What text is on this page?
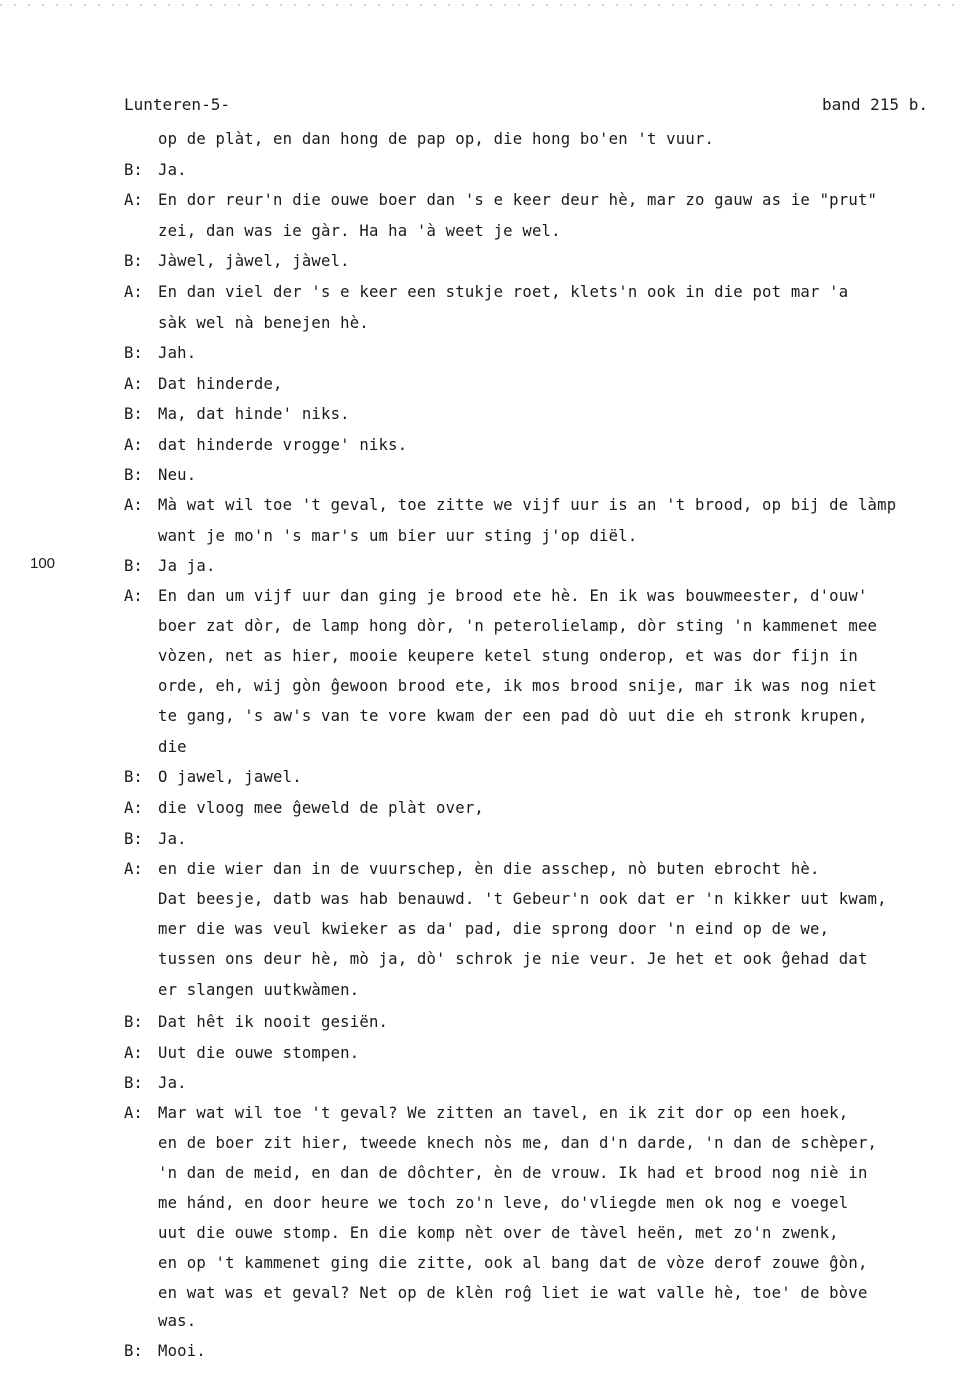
Lunteren-5-	band 215 b.
100
op de plàt, en dan hong de pap op, die hong bo'en 't vuur.
B: Ja.
A: En dor reur'n die ouwe boer dan 's e keer deur hè, mar zo gauw as ie "prut"
zei, dan was ie gàr. Ha ha 'à weet je wel.
B: Jàwel, jàwel, jàwel.
A: En dan viel der 's e keer een stukje roet, klets'n ook in die pot mar 'a
sàk wel nà benejen hè.
B: Jah.
A: Dat hinderde,
B: Ma, dat hinde' niks.
A: dat hinderde vrogge' niks.
B: Neu.
A: Mà wat wil toe 't geval, toe zitte we vijf uur is an 't brood, op bij de làmp
want je mo'n 's mar's um bier uur sting j'op diël.
B: Ja ja.
A: En dan um vijf uur dan ging je brood ete hè. En ik was bouwmeester, d'ouw'
boer zat dòr, de lamp hong dòr, 'n peterolielamp, dòr sting 'n kammenet mee
vòzen, net as hier, mooie keupere ketel stung onderop, et was dor fijn in
orde, eh, wij gòn ĝewoon brood ete, ik mos brood snije, mar ik was nog niet
te gang, 's aw's van te vore kwam der een pad dò uut die eh stronk krupen,
die
B: O jawel, jawel.
A: die vloog mee ĝeweld de plàt over,
B: Ja.
A: en die wier dan in de vuurschep, èn die asschep, nò buten ebrocht hè.
Dat beesje, datb was hab benauwd. 't Gebeur'n ook dat er 'n kikker uut kwam,
mer die was veul kwieker as da' pad, die sprong door 'n eind op de we,
tussen ons deur hè, mò ja, dò' schrok je nie veur. Je het et ook ĝehad dat
er slangen uutkwàmen.
B: Dat hêt ik nooit gesiën.
A: Uut die ouwe stompen.
B: Ja.
A: Mar wat wil toe 't geval? We zitten an tavel, en ik zit dor op een hoek,
en de boer zit hier, tweede knech nòs me, dan d'n darde, 'n dan de schèper,
'n dan de meid, en dan de dôchter, èn de vrouw. Ik had et brood nog niè in
me hánd, en door heure we toch zo'n leve, do'vliegde men ok nog e voegel
uut die ouwe stomp. En die komp nèt over de tàvel heën, met zo'n zwenk,
en op 't kammenet ging die zitte, ook al bang dat de vòze derof zouwe ĝòn,
en wat was et geval? Net op de klèn roĝ liet ie wat valle hè, toe' de bòve
was.
B: Mooi.
